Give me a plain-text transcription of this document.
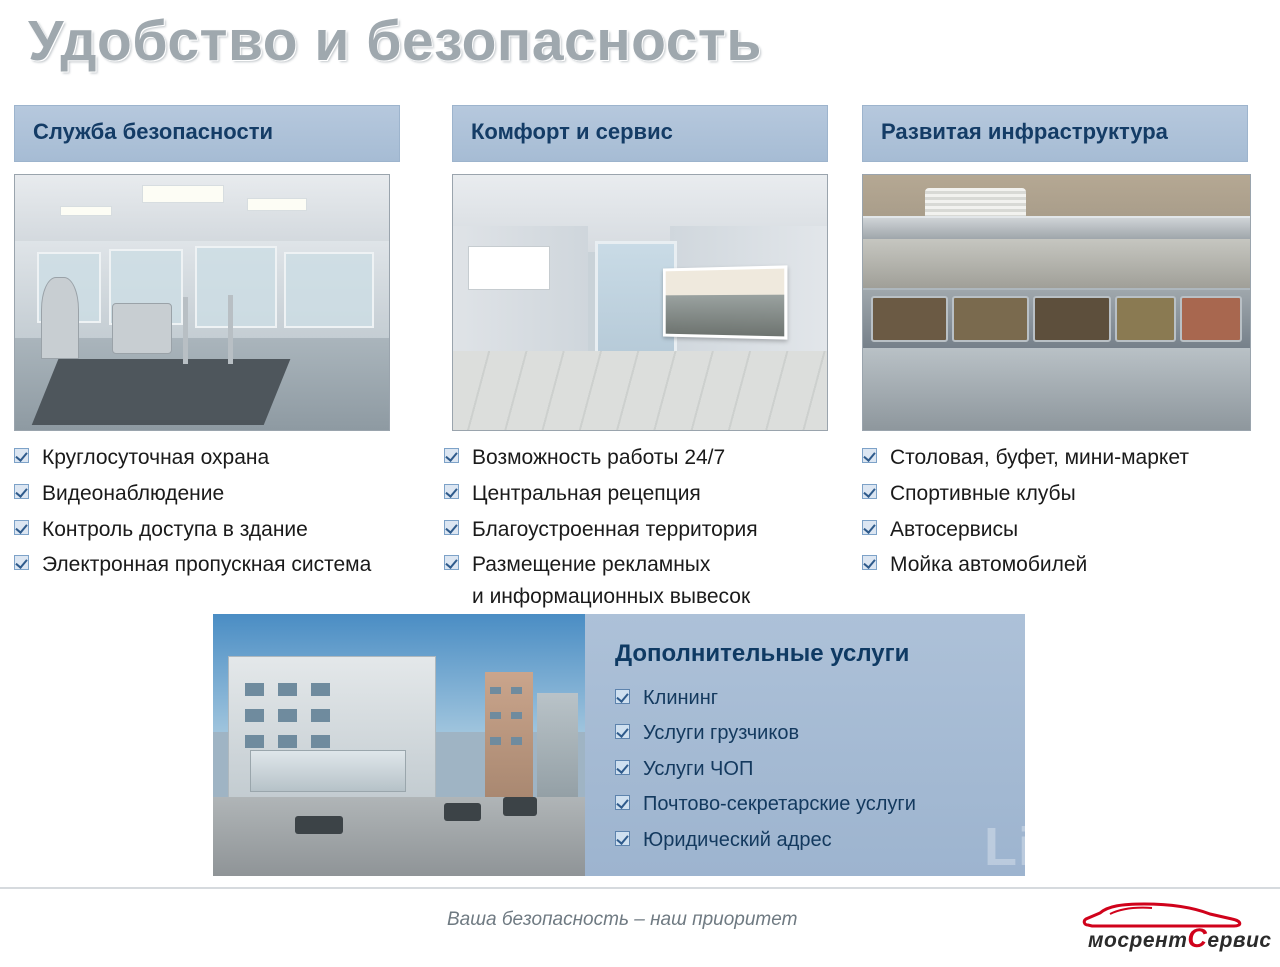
Удобство и безопасность
Служба безопасности
Круглосуточная охрана
Видеонаблюдение
Контроль доступа в здание
Электронная пропускная система
Комфорт и сервис
Возможность работы 24/7
Центральная рецепция
Благоустроенная территория
Размещение рекламных
и информационных вывесок
Развитая инфраструктура
Столовая, буфет, мини-маркет
Спортивные клубы
Автосервисы
Мойка автомобилей
Дополнительные услуги
Клининг
Услуги грузчиков
Услуги ЧОП
Почтово-секретарские услуги
Юридический адрес	Lifeaht
Ваша безопасность – наш приоритет
мосрентСервис
